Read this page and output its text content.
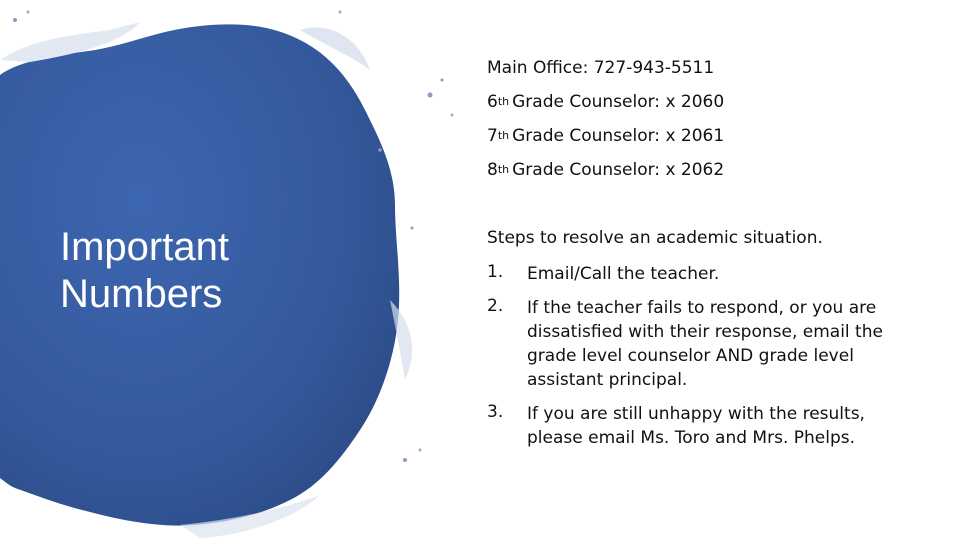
Important
Numbers
Main Office: 727-943-5511
6th Grade Counselor: x 2060
7th Grade Counselor: x 2061
8th Grade Counselor: x 2062
Steps to resolve an academic situation.
1. Email/Call the teacher.
2. If the teacher fails to respond, or you are dissatisfied with their response, email the grade level counselor AND grade level assistant principal.
3. If you are still unhappy with the results, please email Ms. Toro and Mrs. Phelps.
